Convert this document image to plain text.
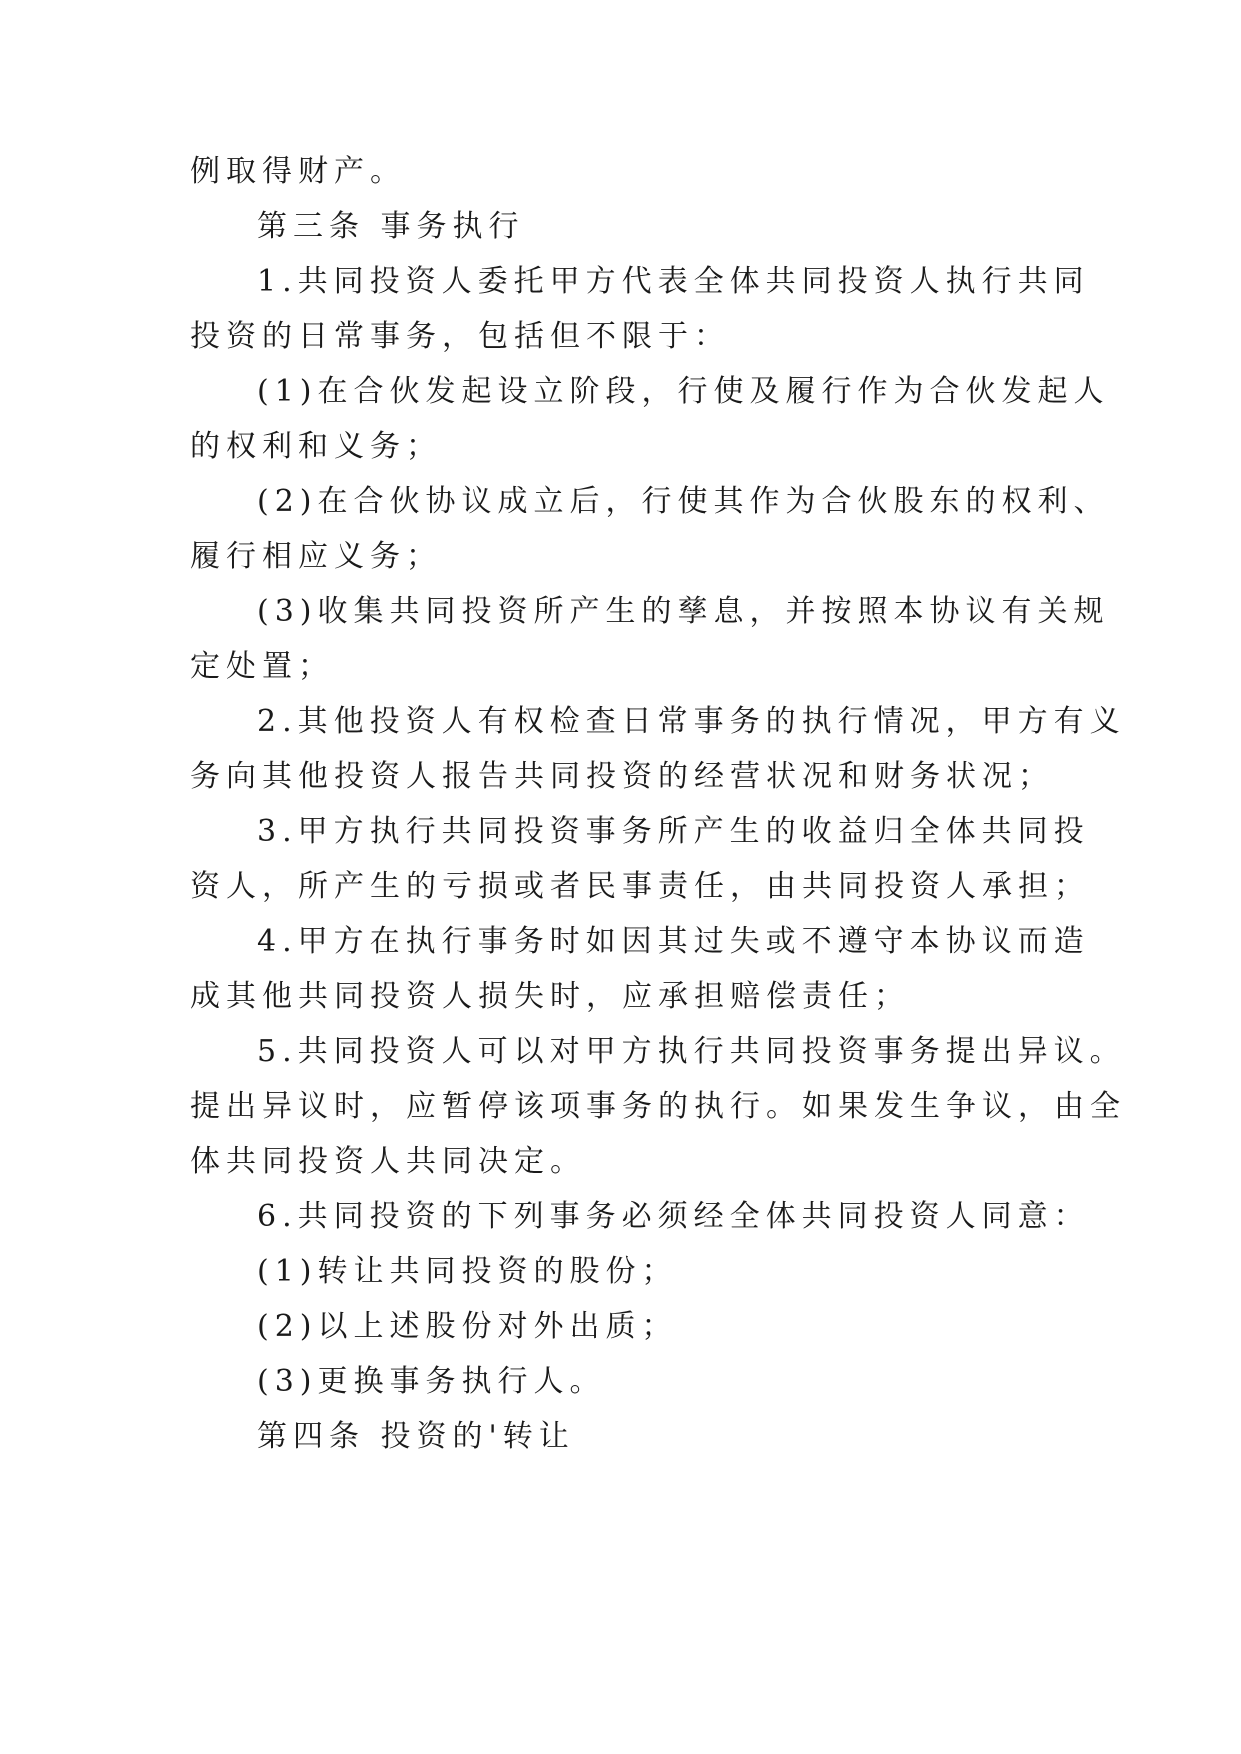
例取得财产。
第三条 事务执行
1.共同投资人委托甲方代表全体共同投资人执行共同
投资的日常事务，包括但不限于：
(1)在合伙发起设立阶段，行使及履行作为合伙发起人
的权利和义务；
(2)在合伙协议成立后，行使其作为合伙股东的权利、
履行相应义务；
(3)收集共同投资所产生的孳息，并按照本协议有关规
定处置；
2.其他投资人有权检查日常事务的执行情况，甲方有义
务向其他投资人报告共同投资的经营状况和财务状况；
3.甲方执行共同投资事务所产生的收益归全体共同投
资人，所产生的亏损或者民事责任，由共同投资人承担；
4.甲方在执行事务时如因其过失或不遵守本协议而造
成其他共同投资人损失时，应承担赔偿责任；
5.共同投资人可以对甲方执行共同投资事务提出异议。
提出异议时，应暂停该项事务的执行。如果发生争议，由全
体共同投资人共同决定。
6.共同投资的下列事务必须经全体共同投资人同意：
(1)转让共同投资的股份；
(2)以上述股份对外出质；
(3)更换事务执行人。
第四条 投资的'转让
